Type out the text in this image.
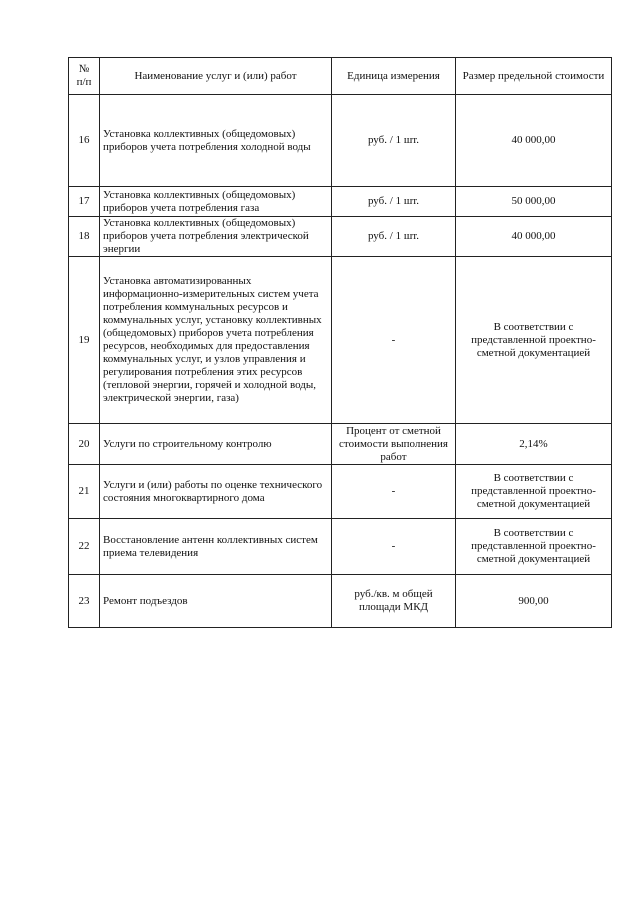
№
п/п	Наименование услуг и (или) работ	Единица измерения	Размер предельной стоимости
16	Установка коллективных (общедомовых) приборов учета потребления холодной воды	руб. / 1 шт.	40 000,00
17	Установка коллективных (общедомовых) приборов учета потребления газа	руб. / 1 шт.	50 000,00
18	Установка коллективных (общедомовых) приборов учета потребления электрической энергии	руб. / 1 шт.	40 000,00
19	Установка автоматизированных информационно-измерительных систем учета потребления коммунальных ресурсов и коммунальных услуг, установку коллективных (общедомовых) приборов учета потребления ресурсов, необходимых для предоставления коммунальных услуг, и узлов управления и регулирования потребления этих ресурсов (тепловой энергии, горячей и холодной воды, электрической энергии, газа)	-	В соответствии с представленной проектно-сметной документацией
20	Услуги по строительному контролю	Процент от сметной стоимости выполнения работ	2,14%
21	Услуги и (или) работы по оценке технического состояния многоквартирного дома	-	В соответствии с представленной проектно-сметной документацией
22	Восстановление антенн коллективных систем приема телевидения	-	В соответствии с представленной проектно-сметной документацией
23	Ремонт подъездов	руб./кв. м общей площади МКД	900,00
